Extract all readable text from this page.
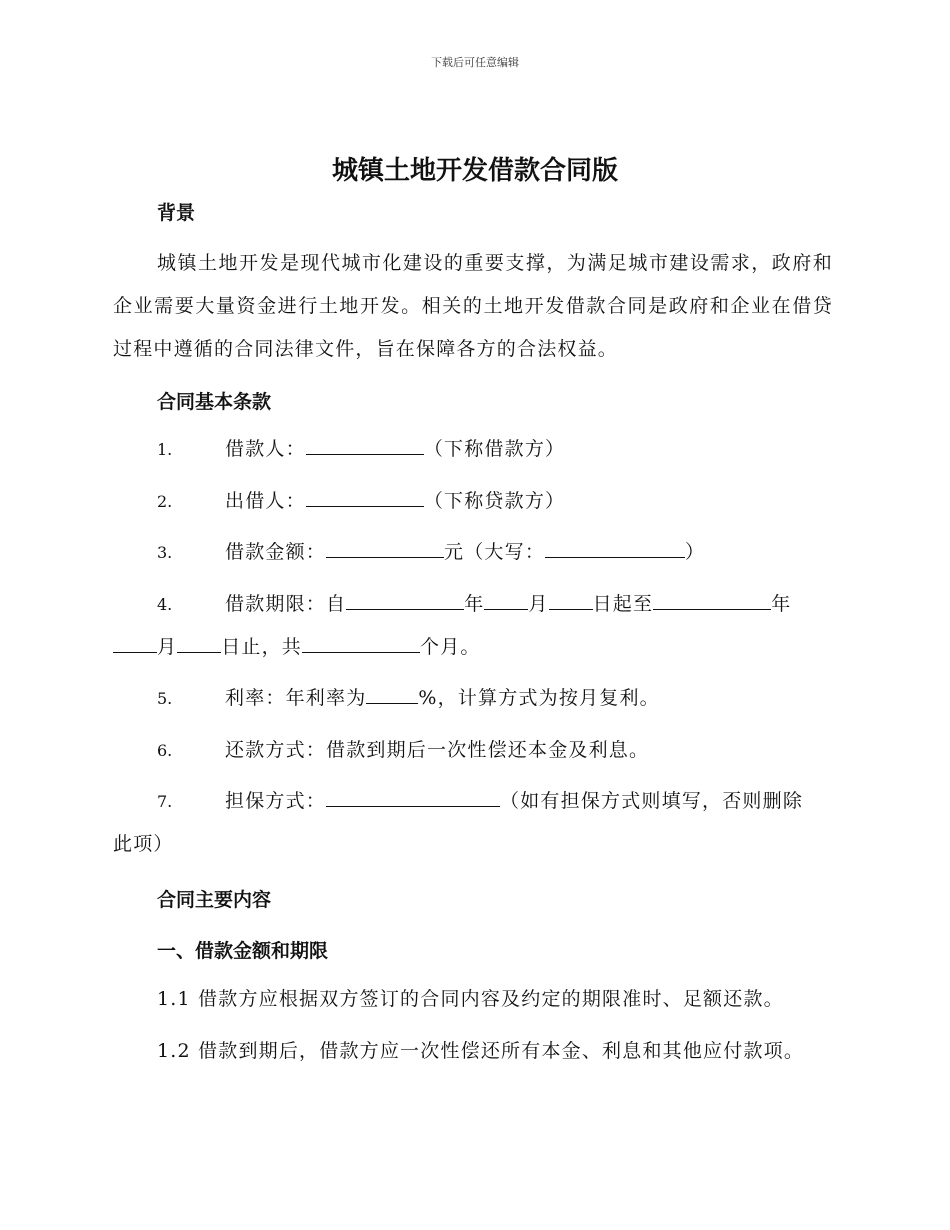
下载后可任意编辑
城镇土地开发借款合同版
背景
城镇土地开发是现代城市化建设的重要支撑，为满足城市建设需求，政府和企业需要大量资金进行土地开发。相关的土地开发借款合同是政府和企业在借贷过程中遵循的合同法律文件，旨在保障各方的合法权益。
合同基本条款
1.	借款人：	（下称借款方）
2.	出借人：	（下称贷款方）
3.	借款金额：	元（大写：	）
4.	借款期限：自	年 月 日起至	年
月 日止，共	个月。
5.	利率：年利率为	%，计算方式为按月复利。
6.	还款方式：借款到期后一次性偿还本金及利息。
7.	担保方式：	（如有担保方式则填写，否则删除
此项）
合同主要内容
一、借款金额和期限
1.1 借款方应根据双方签订的合同内容及约定的期限准时、足额还款。
1.2 借款到期后，借款方应一次性偿还所有本金、利息和其他应付款项。
